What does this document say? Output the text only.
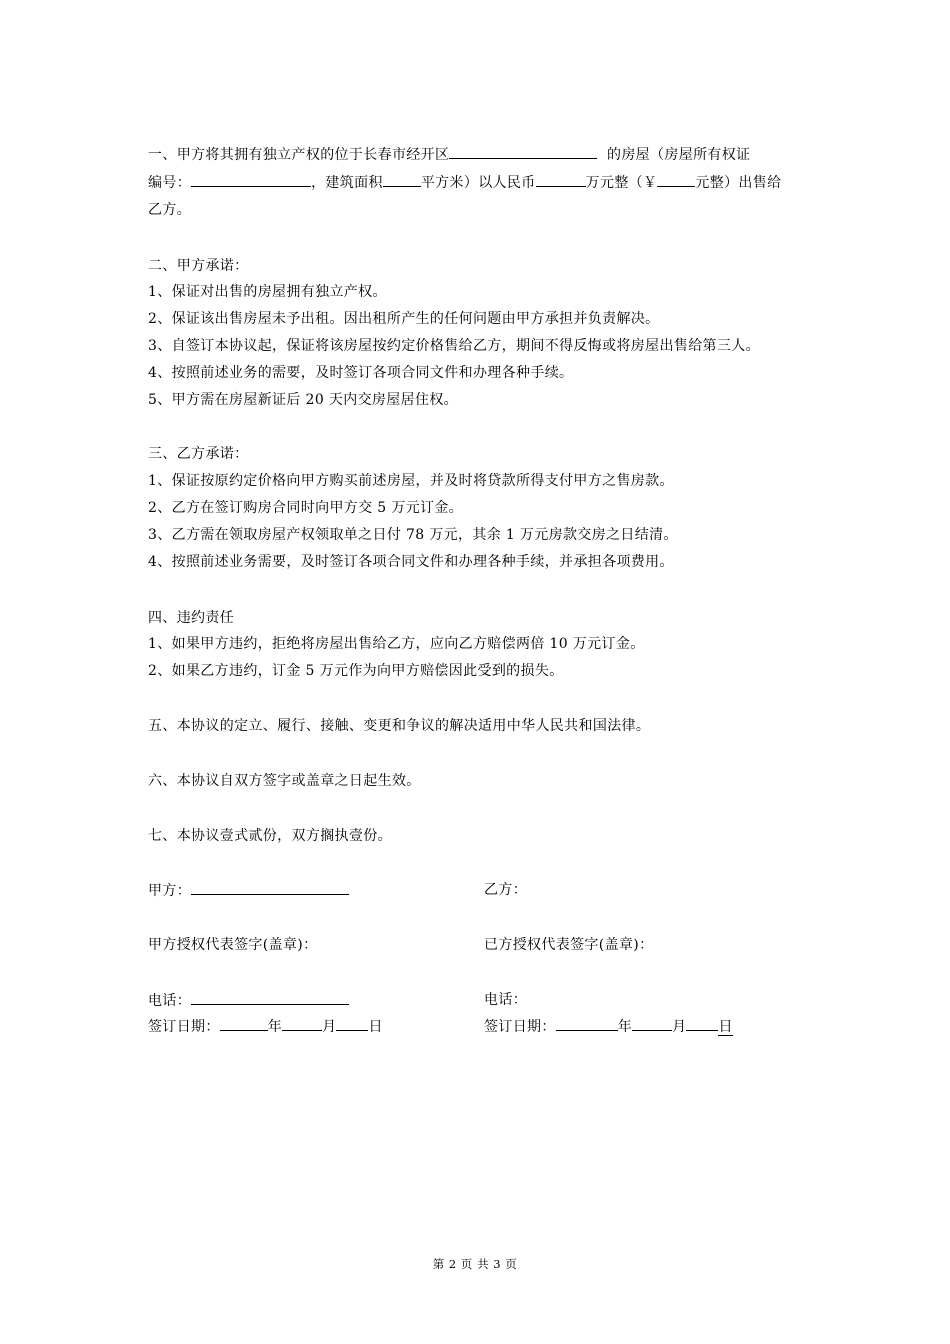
一、甲方将其拥有独立产权的位于长春市经开区	的房屋（房屋所有权证
编号：	，建筑面积	平方米）以人民币	万元整（￥	元整）出售给
乙方。
二、甲方承诺：
1、保证对出售的房屋拥有独立产权。
2、保证该出售房屋未予出租。因出租所产生的任何问题由甲方承担并负责解决。
3、自签订本协议起，保证将该房屋按约定价格售给乙方，期间不得反悔或将房屋出售给第三人。
4、按照前述业务的需要，及时签订各项合同文件和办理各种手续。
5、甲方需在房屋新证后 20 天内交房屋居住权。
三、乙方承诺：
1、保证按原约定价格向甲方购买前述房屋，并及时将贷款所得支付甲方之售房款。
2、乙方在签订购房合同时向甲方交 5 万元订金。
3、乙方需在领取房屋产权领取单之日付 78 万元，其余 1 万元房款交房之日结清。
4、按照前述业务需要，及时签订各项合同文件和办理各种手续，并承担各项费用。
四、违约责任
1、如果甲方违约，拒绝将房屋出售给乙方，应向乙方赔偿两倍 10 万元订金。
2、如果乙方违约，订金 5 万元作为向甲方赔偿因此受到的损失。
五、本协议的定立、履行、接触、变更和争议的解决适用中华人民共和国法律。
六、本协议自双方签字或盖章之日起生效。
七、本协议壹式贰份，双方搁执壹份。
甲方：	乙方：
甲方授权代表签字(盖章)：	已方授权代表签字(盖章)：
电话：	电话：
签订日期：	年	月 日	签订日期：	年	月 日
第 2 页 共 3 页
